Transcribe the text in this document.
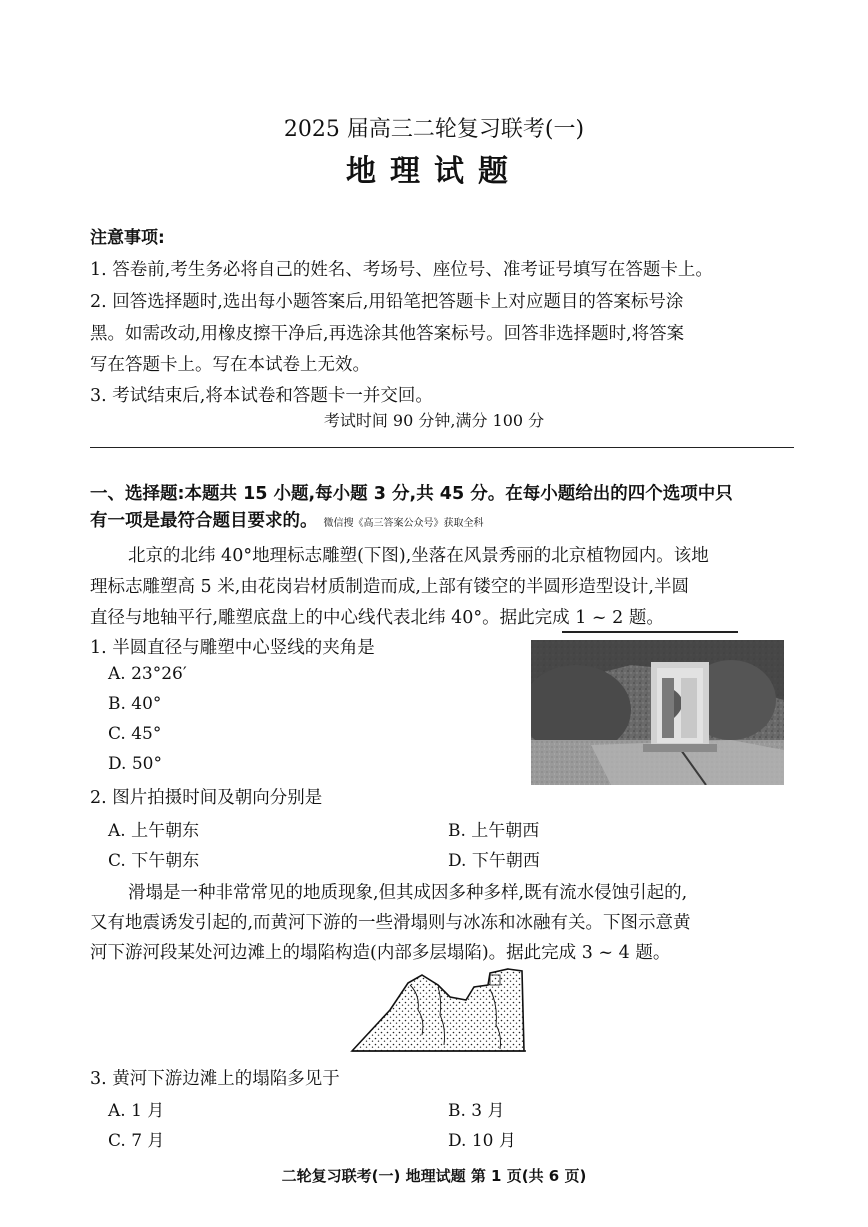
2025 届高三二轮复习联考(一)
地理试题
注意事项:
1. 答卷前,考生务必将自己的姓名、考场号、座位号、准考证号填写在答题卡上。
2. 回答选择题时,选出每小题答案后,用铅笔把答题卡上对应题目的答案标号涂
黑。如需改动,用橡皮擦干净后,再选涂其他答案标号。回答非选择题时,将答案
写在答题卡上。写在本试卷上无效。
3. 考试结束后,将本试卷和答题卡一并交回。
考试时间 90 分钟,满分 100 分
一、选择题:本题共 15 小题,每小题 3 分,共 45 分。在每小题给出的四个选项中只
有一项是最符合题目要求的。 微信搜《高三答案公众号》获取全科
北京的北纬 40°地理标志雕塑(下图),坐落在风景秀丽的北京植物园内。该地
理标志雕塑高 5 米,由花岗岩材质制造而成,上部有镂空的半圆形造型设计,半圆
直径与地轴平行,雕塑底盘上的中心线代表北纬 40°。据此完成 1 ~ 2 题。
1. 半圆直径与雕塑中心竖线的夹角是
A. 23°26′
B. 40°
C. 45°
D. 50°
2. 图片拍摄时间及朝向分别是
A. 上午朝东	B. 上午朝西
C. 下午朝东	D. 下午朝西
滑塌是一种非常常见的地质现象,但其成因多种多样,既有流水侵蚀引起的,
又有地震诱发引起的,而黄河下游的一些滑塌则与冰冻和冰融有关。下图示意黄
河下游河段某处河边滩上的塌陷构造(内部多层塌陷)。据此完成 3 ~ 4 题。
3. 黄河下游边滩上的塌陷多见于
A. 1 月	B. 3 月
C. 7 月	D. 10 月
二轮复习联考(一) 地理试题 第 1 页(共 6 页)
